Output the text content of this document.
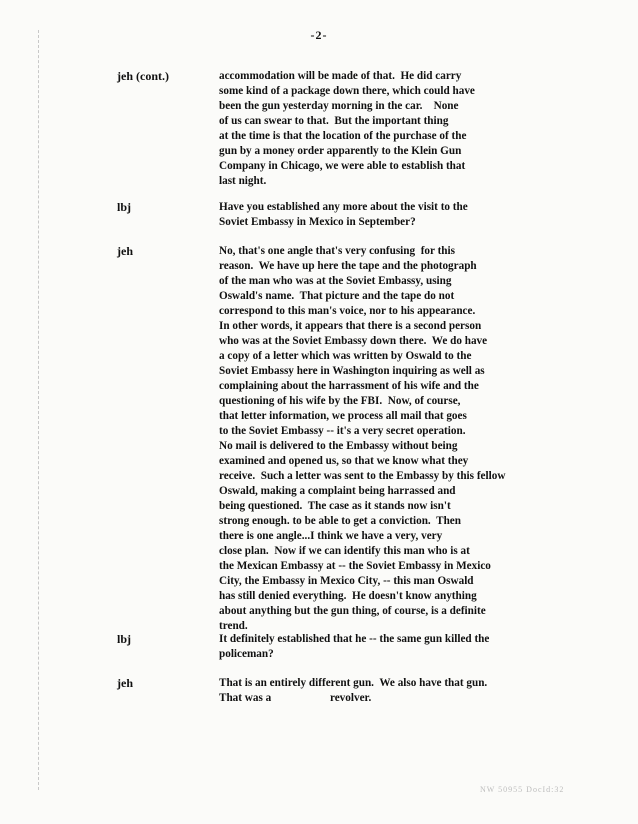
-2-
jeh (cont.)	accommodation will be made of that.  He did carry
some kind of a package down there, which could have
been the gun yesterday morning in the car.    None
of us can swear to that.  But the important thing
at the time is that the location of the purchase of the
gun by a money order apparently to the Klein Gun
Company in Chicago, we were able to establish that
last night.
lbj	Have you established any more about the visit to the
Soviet Embassy in Mexico in September?
jeh	No, that's one angle that's very confusing  for this
reason.  We have up here the tape and the photograph
of the man who was at the Soviet Embassy, using
Oswald's name.  That picture and the tape do not
correspond to this man's voice, nor to his appearance.
In other words, it appears that there is a second person
who was at the Soviet Embassy down there.  We do have
a copy of a letter which was written by Oswald to the
Soviet Embassy here in Washington inquiring as well as
complaining about the harrassment of his wife and the
questioning of his wife by the FBI.  Now, of course,
that letter information, we process all mail that goes
to the Soviet Embassy -- it's a very secret operation.
No mail is delivered to the Embassy without being
examined and opened us, so that we know what they
receive.  Such a letter was sent to the Embassy by this fellow
Oswald, making a complaint being harrassed and
being questioned.  The case as it stands now isn't
strong enough. to be able to get a conviction.  Then
there is one angle...I think we have a very, very
close plan.  Now if we can identify this man who is at
the Mexican Embassy at -- the Soviet Embassy in Mexico
City, the Embassy in Mexico City, -- this man Oswald
has still denied everything.  He doesn't know anything
about anything but the gun thing, of course, is a definite
trend.
lbj	It definitely established that he -- the same gun killed the
policeman?
jeh	That is an entirely different gun.  We also have that gun.
That was a                     revolver.
NW 50955 DocId:32
